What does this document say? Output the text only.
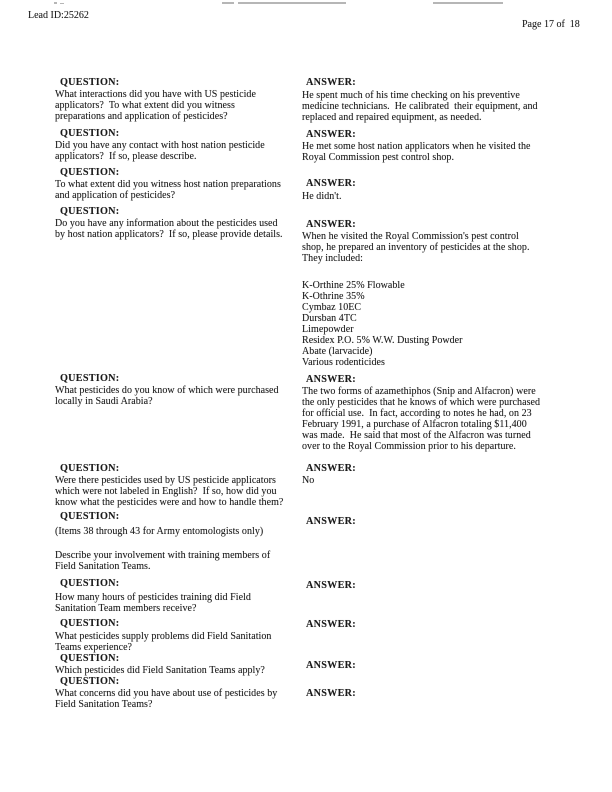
Lead ID:25262
Page 17 of  18
QUESTION:
What interactions did you have with US pesticide
applicators?  To what extent did you witness
preparations and application of pesticides?
QUESTION:
Did you have any contact with host nation pesticide
applicators?  If so, please describe.
QUESTION:
To what extent did you witness host nation preparations
and application of pesticides?
QUESTION:
Do you have any information about the pesticides used
by host nation applicators?  If so, please provide details.
QUESTION:
What pesticides do you know of which were purchased
locally in Saudi Arabia?
QUESTION:
Were there pesticides used by US pesticide applicators
which were not labeled in English?  If so, how did you
know what the pesticides were and how to handle them?
QUESTION:
(Items 38 through 43 for Army entomologists only)
Describe your involvement with training members of
Field Sanitation Teams.
QUESTION:
How many hours of pesticides training did Field
Sanitation Team members receive?
QUESTION:
What pesticides supply problems did Field Sanitation
Teams experience?
QUESTION:
Which pesticides did Field Sanitation Teams apply?
QUESTION:
What concerns did you have about use of pesticides by
Field Sanitation Teams?
ANSWER:
He spent much of his time checking on his preventive
medicine technicians.  He calibrated  their equipment, and
replaced and repaired equipment, as needed.
ANSWER:
He met some host nation applicators when he visited the
Royal Commission pest control shop.
ANSWER:
He didn't.
ANSWER:
When he visited the Royal Commission's pest control
shop, he prepared an inventory of pesticides at the shop.
They included:
K-Orthine 25% Flowable
K-Othrine 35%
Cymbaz 10EC
Dursban 4TC
Limepowder
Residex P.O. 5% W.W. Dusting Powder
Abate (larvacide)
Various rodenticides
ANSWER:
The two forms of azamethiphos (Snip and Alfacron) were
the only pesticides that he knows of which were purchased
for official use.  In fact, according to notes he had, on 23
February 1991, a purchase of Alfacron totaling $11,400
was made.  He said that most of the Alfacron was turned
over to the Royal Commission prior to his departure.
ANSWER:
No
ANSWER:
ANSWER:
ANSWER:
ANSWER:
ANSWER:
